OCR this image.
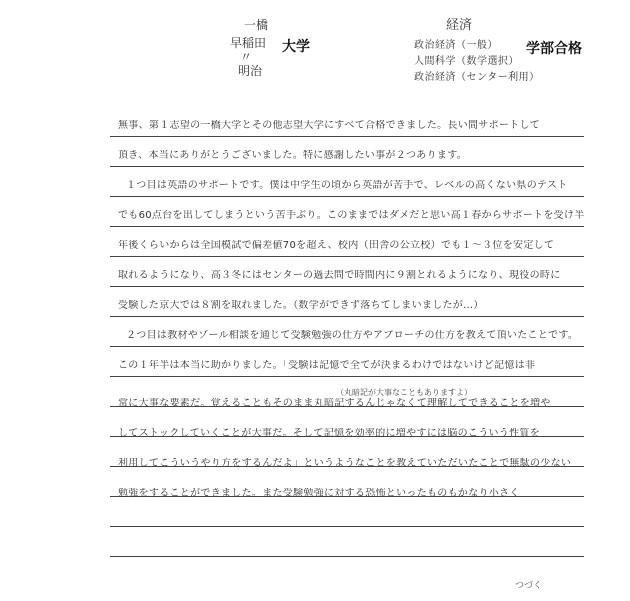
一橋
早稲田
〃
明治
大学
経済
政治経済（一般）
人間科学（数学選択）
政治経済（センター利用）
学部合格
無事、第１志望の一橋大学とその他志望大学にすべて合格できました。長い間サポートして
頂き、本当にありがとうございました。特に感謝したい事が２つあります。
１つ目は英語のサポートです。僕は中学生の頃から英語が苦手で、レベルの高くない県のテスト
でも60点台を出してしまうという苦手ぶり。このままではダメだと思い高１春からサポートを受け半
年後くらいからは全国模試で偏差値70を超え、校内（田舎の公立校）でも１〜３位を安定して
取れるようになり、高３冬にはセンターの過去問で時間内に９割とれるようになり、現役の時に
受験した京大では８割を取れました。（数学ができず落ちてしまいましたが…）
２つ目は教材やゾール相談を通じて受験勉強の仕方やアプローチの仕方を教えて頂いたことです。
この１年半は本当に助かりました。「受験は記憶で全てが決まるわけではないけど記憶は非
常に大事な要素だ。覚えることもそのまま丸暗記するんじゃなくて理解してできることを増や
してストックしていくことが大事だ。そして記憶を効率的に増やすには脳のこういう性質を
利用してこういうやり方をするんだよ」というようなことを教えていただいたことで無駄の少ない
勉強をすることができました。また受験勉強に対する恐怖といったものもかなり小さく
（丸暗記が大事なこともありますよ）
つづく
